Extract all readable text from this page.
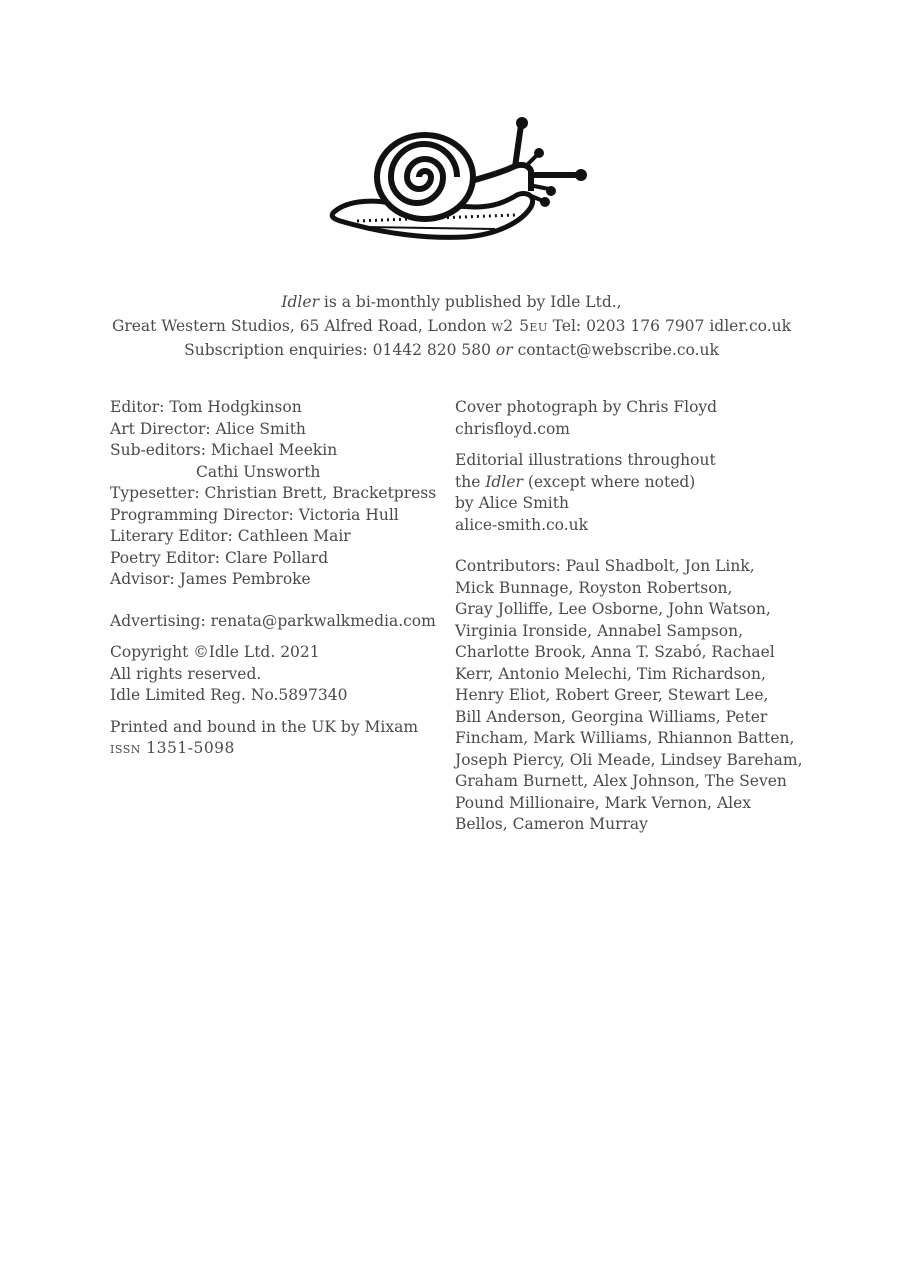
Idler is a bi-monthly published by Idle Ltd.,
Great Western Studios, 65 Alfred Road, London w2 5eu Tel: 0203 176 7907 idler.co.uk
Subscription enquiries: 01442 820 580 or contact@webscribe.co.uk
Editor: Tom Hodgkinson
Art Director: Alice Smith
Sub-editors: Michael Meekin
Cathi Unsworth
Typesetter: Christian Brett, Bracketpress
Programming Director: Victoria Hull
Literary Editor: Cathleen Mair
Poetry Editor: Clare Pollard
Advisor: James Pembroke
Advertising: renata@parkwalkmedia.com
Copyright ©Idle Ltd. 2021
All rights reserved.
Idle Limited Reg. No.5897340
Printed and bound in the UK by Mixam
issn 1351-5098
Cover photograph by Chris Floyd
chrisfloyd.com
Editorial illustrations throughout
the Idler (except where noted)
by Alice Smith
alice-smith.co.uk
Contributors: Paul Shadbolt, Jon Link,
Mick Bunnage, Royston Robertson,
Gray Jolliffe, Lee Osborne, John Watson,
Virginia Ironside, Annabel Sampson,
Charlotte Brook, Anna T. Szabó, Rachael
Kerr, Antonio Melechi, Tim Richardson,
Henry Eliot, Robert Greer, Stewart Lee,
Bill Anderson, Georgina Williams, Peter
Fincham, Mark Williams, Rhiannon Batten,
Joseph Piercy, Oli Meade, Lindsey Bareham,
Graham Burnett, Alex Johnson, The Seven
Pound Millionaire, Mark Vernon, Alex
Bellos, Cameron Murray
